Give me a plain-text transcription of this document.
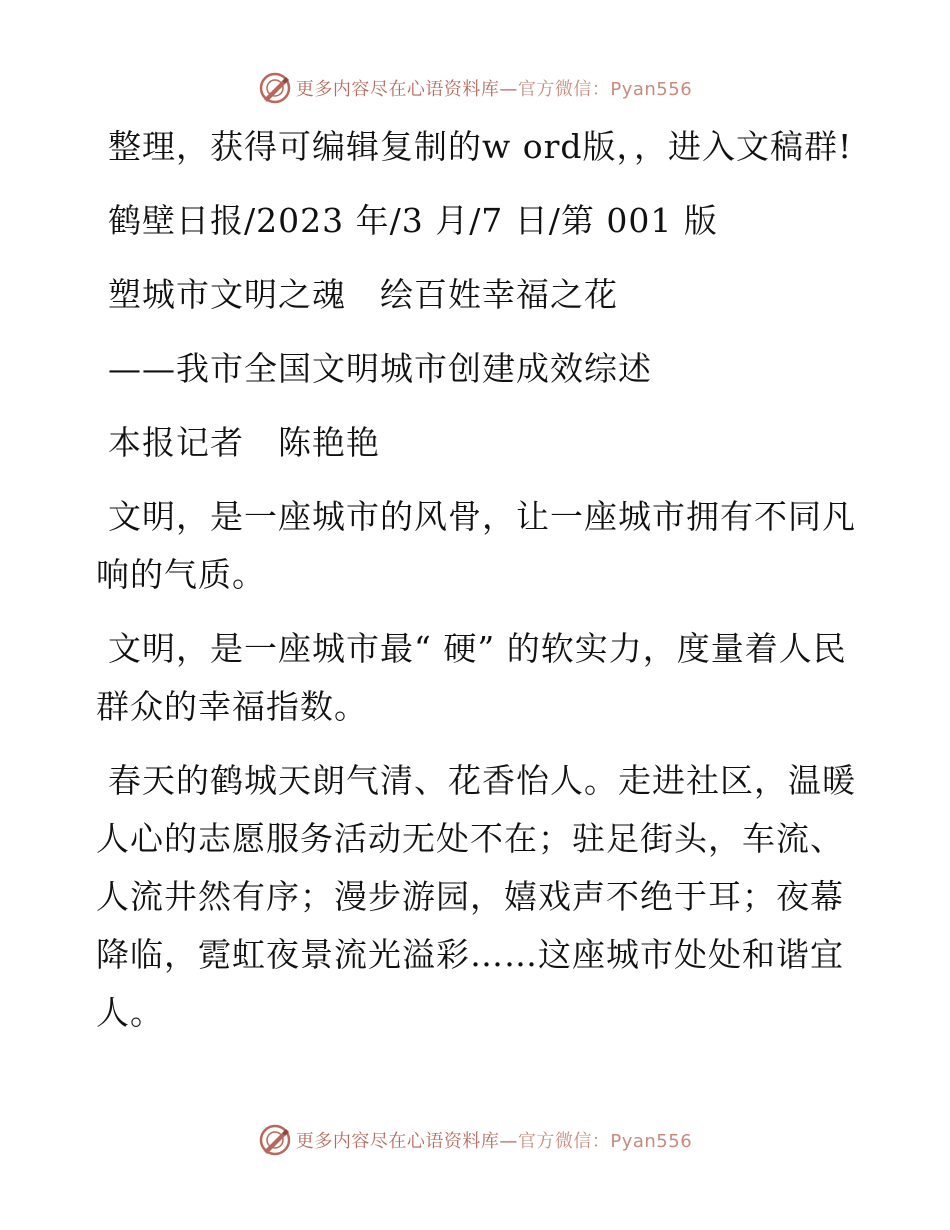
更多内容尽在心语资料库— 官方微信：Pyan556

整理，获得可编辑复制的w ord版，，进入文稿群!

鹤壁日报/2023 年/3 月/7 日/第 001 版

塑城市文明之魂　绘百姓幸福之花

——我市全国文明城市创建成效综述

本报记者　陈艳艳

文明，是一座城市的风骨，让一座城市拥有不同凡响的气质。

文明，是一座城市最“ 硬” 的软实力，度量着人民群众的幸福指数。

春天的鹤城天朗气清、花香怡人。走进社区，温暖人心的志愿服务活动无处不在；驻足街头，车流、人流井然有序；漫步游园，嬉戏声不绝于耳；夜幕降临，霓虹夜景流光溢彩……这座城市处处和谐宜人。

更多内容尽在心语资料库— 官方微信：Pyan556
